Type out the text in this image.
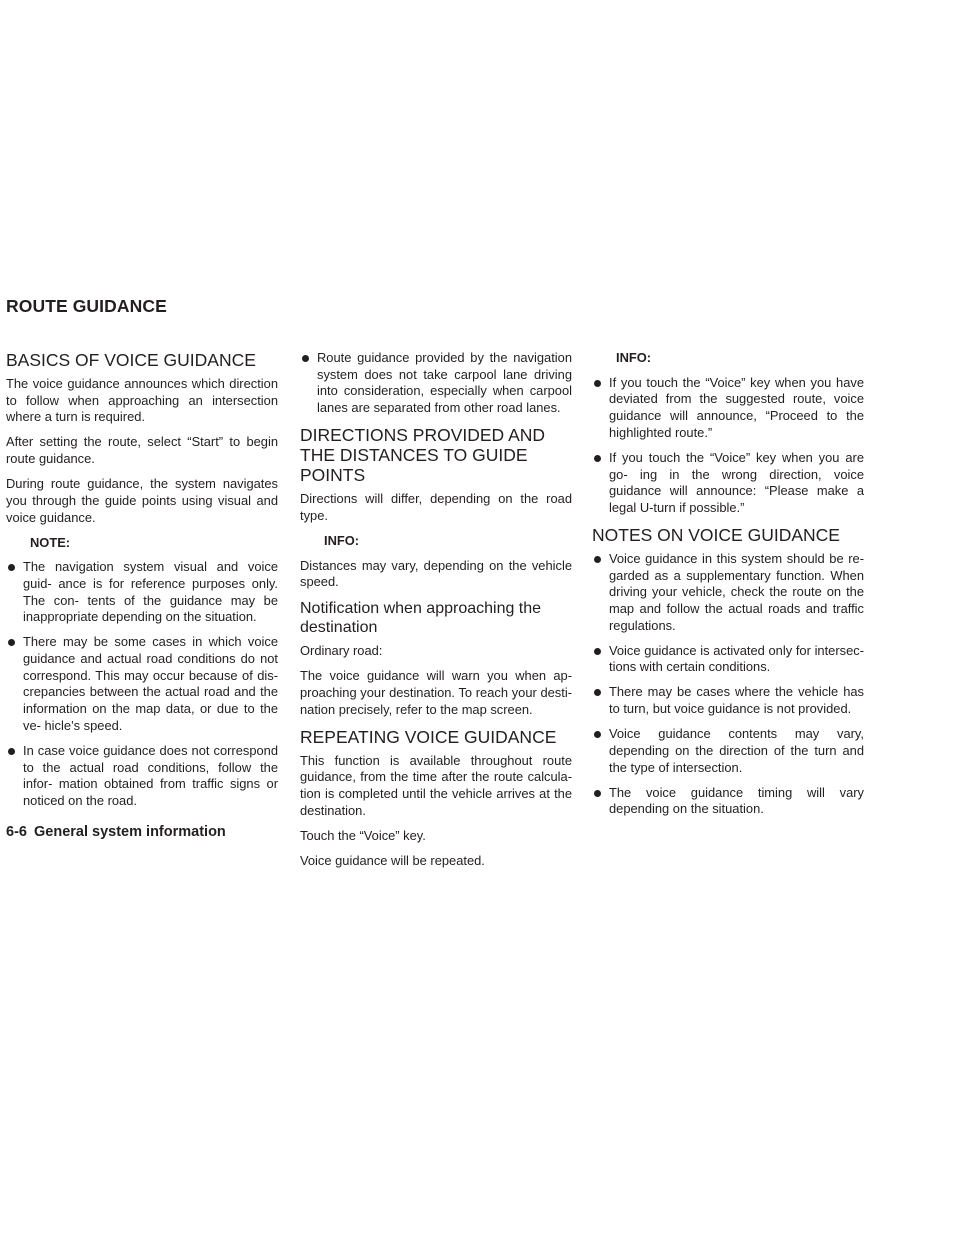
ROUTE GUIDANCE
BASICS OF VOICE GUIDANCE

The voice guidance announces which direction to follow when approaching an intersection where a turn is required.

After setting the route, select “Start” to begin route guidance.

During route guidance, the system navigates you through the guide points using visual and voice guidance.

NOTE:

The navigation system visual and voice guid- ance is for reference purposes only. The con- tents of the guidance may be inappropriate depending on the situation.
There may be some cases in which voice guidance and actual road conditions do not correspond. This may occur because of dis- crepancies between the actual road and the information on the map data, or due to the ve- hicle’s speed.
In case voice guidance does not correspond to the actual road conditions, follow the infor- mation obtained from traffic signs or noticed on the road.
Route guidance provided by the navigation system does not take carpool lane driving into consideration, especially when carpool lanes are separated from other road lanes.
DIRECTIONS PROVIDED AND THE DISTANCES TO GUIDE POINTS

Directions will differ, depending on the road type.

INFO:

Distances may vary, depending on the vehicle speed.

Notification when approaching the destination

Ordinary road:

The voice guidance will warn you when ap- proaching your destination. To reach your desti- nation precisely, refer to the map screen.

REPEATING VOICE GUIDANCE

This function is available throughout route guidance, from the time after the route calcula- tion is completed until the vehicle arrives at the destination.

Touch the “Voice” key.

Voice guidance will be repeated.

INFO:

If you touch the “Voice” key when you have deviated from the suggested route, voice guidance will announce, “Proceed to the highlighted route.”
If you touch the “Voice” key when you are go- ing in the wrong direction, voice guidance will announce: “Please make a legal U-turn if possible.”
NOTES ON VOICE GUIDANCE
Voice guidance in this system should be re- garded as a supplementary function. When driving your vehicle, check the route on the map and follow the actual roads and traffic regulations.
Voice guidance is activated only for intersec- tions with certain conditions.
There may be cases where the vehicle has to turn, but voice guidance is not provided.
Voice guidance contents may vary, depending on the direction of the turn and the type of intersection.
The voice guidance timing will vary depending on the situation.

6-6 General system information
